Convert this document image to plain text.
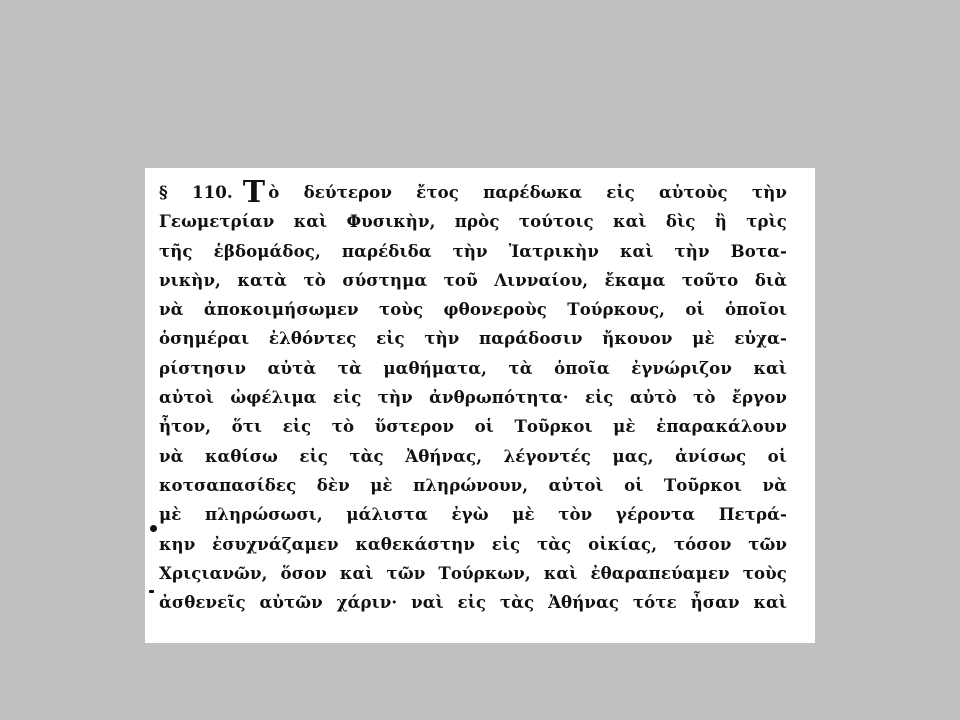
§ 110. Τ ὸ δεύτερον ἔτος παρέδωκα εἰς αὐτοὺς τὴν
Γεωμετρίαν καὶ Φυσικὴν, πρὸς τούτοις καὶ δὶς ἢ τρὶς
τῆς ἑβδομάδος, παρέδιδα τὴν Ἰατρικὴν καὶ τὴν Βοτα-
νικὴν, κατὰ τὸ σύστημα τοῦ Λινναίου, ἔκαμα τοῦτο διὰ
νὰ ἀποκοιμήσωμεν τοὺς φθονεροὺς Τούρκους, οἱ ὁποῖοι
ὁσημέραι ἐλθόντες εἰς τὴν παράδοσιν ἤκουον μὲ εὐχα-
ρίστησιν αὐτὰ τὰ μαθήματα, τὰ ὁποῖα ἐγνώριζον καὶ
αὐτοὶ ὠφέλιμα εἰς τὴν ἀνθρωπότητα· εἰς αὐτὸ τὸ ἔργον
ἦτον, ὅτι εἰς τὸ ὕστερον οἱ Τοῦρκοι μὲ ἐπαρακάλουν
νὰ καθίσω εἰς τὰς Ἀθήνας, λέγοντές μας, ἀνίσως οἱ
κοτσαπασίδες δὲν μὲ πληρώνουν, αὐτοὶ οἱ Τοῦρκοι νὰ
μὲ πληρώσωσι, μάλιστα ἐγὼ μὲ τὸν γέροντα Πετρά-
κην ἐσυχνάζαμεν καθεκάστην εἰς τὰς οἰκίας, τόσον τῶν
Χριςιανῶν, ὅσον καὶ τῶν Τούρκων, καὶ ἐθαραπεύαμεν τοὺς
ἀσθενεῖς αὐτῶν χάριν· ναὶ εἰς τὰς Ἀθήνας τότε ἦσαν καὶ
